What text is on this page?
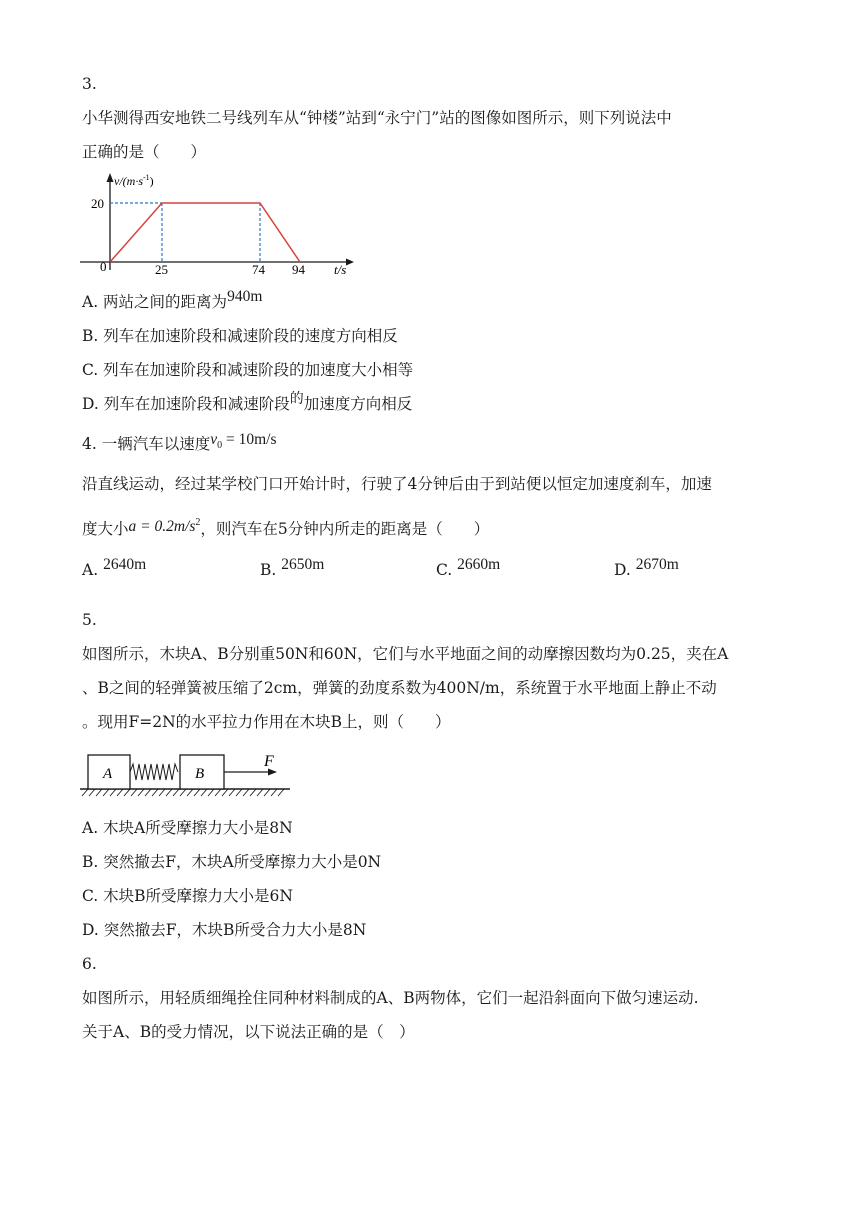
3.
小华测得西安地铁二号线列车从“钟楼”站到“永宁门”站的图像如图所示，则下列说法中
正确的是（　　）
$v/(m\cdot s^{-1})$
20
0	25	74 94 t/s
A. 两站之间的距离为940m
B. 列车在加速阶段和减速阶段的速度方向相反
C. 列车在加速阶段和减速阶段的加速度大小相等
D. 列车在加速阶段和减速阶段的加速度方向相反
4. 一辆汽车以速度$v_0 = 10m/s$
沿直线运动，经过某学校门口开始计时，行驶了4分钟后由于到站便以恒定加速度刹车，加速
度大小$a = 0.2m/s^2$，则汽车在5分钟内所走的距离是（　　）
A. 2640m	B. 2650m	C. 2660m	D. 2670m
5.
如图所示，木块A、B分别重50N和60N，它们与水平地面之间的动摩擦因数均为0.25，夹在A
、B之间的轻弹簧被压缩了2cm，弹簧的劲度系数为400N/m，系统置于水平地面上静止不动
。现用F=2N的水平拉力作用在木块B上，则（　　）
A	B
F
A. 木块A所受摩擦力大小是8N
B. 突然撤去F，木块A所受摩擦力大小是0N
C. 木块B所受摩擦力大小是6N
D. 突然撤去F，木块B所受合力大小是8N
6.
如图所示，用轻质细绳拴住同种材料制成的A、B两物体，它们一起沿斜面向下做匀速运动.
关于A、B的受力情况，以下说法正确的是（　）
